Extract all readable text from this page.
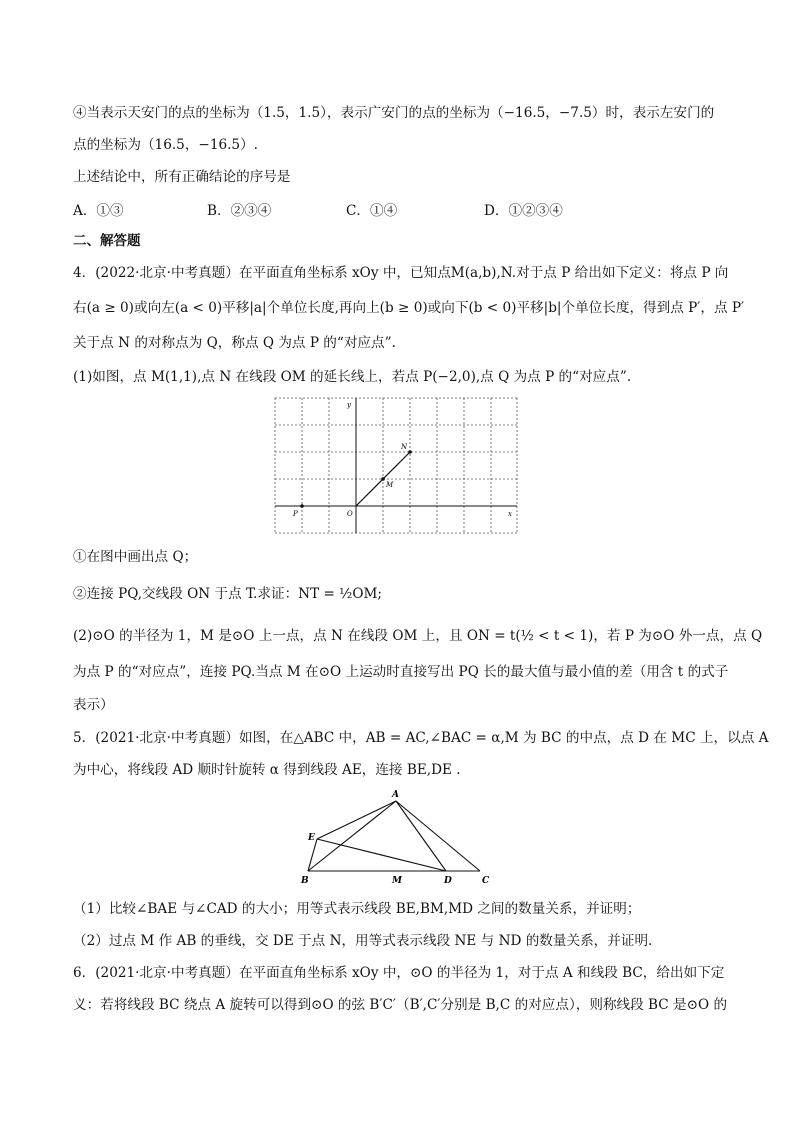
④当表示天安门的点的坐标为（1.5，1.5），表示广安门的点的坐标为（−16.5，−7.5）时，表示左安门的
点的坐标为（16.5，−16.5）.
上述结论中，所有正确结论的序号是
A．①③	B．②③④	C．①④	D．①②③④
二、解答题
4．(2022·北京·中考真题）在平面直角坐标系 xOy 中，已知点M(a,b),N.对于点 P 给出如下定义：将点 P 向
右(a ≥ 0)或向左(a < 0)平移|a|个单位长度,再向上(b ≥ 0)或向下(b < 0)平移|b|个单位长度，得到点 P′，点 P′
关于点 N 的对称点为 Q，称点 Q 为点 P 的“对应点”.
(1)如图，点 M(1,1),点 N 在线段 OM 的延长线上，若点 P(−2,0),点 Q 为点 P 的“对应点”.
y
x
O
P
M
N
①在图中画出点 Q；
②连接 PQ,交线段 ON 于点 T.求证：NT = ½OM;
(2)⊙O 的半径为 1，M 是⊙O 上一点，点 N 在线段 OM 上，且 ON = t(½ < t < 1)，若 P 为⊙O 外一点，点 Q
为点 P 的“对应点”，连接 PQ.当点 M 在⊙O 上运动时直接写出 PQ 长的最大值与最小值的差（用含 t 的式子
表示）
5．(2021·北京·中考真题）如图，在△ABC 中，AB = AC,∠BAC = α,M 为 BC 的中点，点 D 在 MC 上，以点 A
为中心，将线段 AD 顺时针旋转 α 得到线段 AE，连接 BE,DE .
A
E
B	M	D	C
（1）比较∠BAE 与∠CAD 的大小；用等式表示线段 BE,BM,MD 之间的数量关系，并证明；
（2）过点 M 作 AB 的垂线，交 DE 于点 N，用等式表示线段 NE 与 ND 的数量关系，并证明.
6．(2021·北京·中考真题）在平面直角坐标系 xOy 中，⊙O 的半径为 1，对于点 A 和线段 BC，给出如下定
义：若将线段 BC 绕点 A 旋转可以得到⊙O 的弦 B′C′（B′,C′分别是 B,C 的对应点），则称线段 BC 是⊙O 的
